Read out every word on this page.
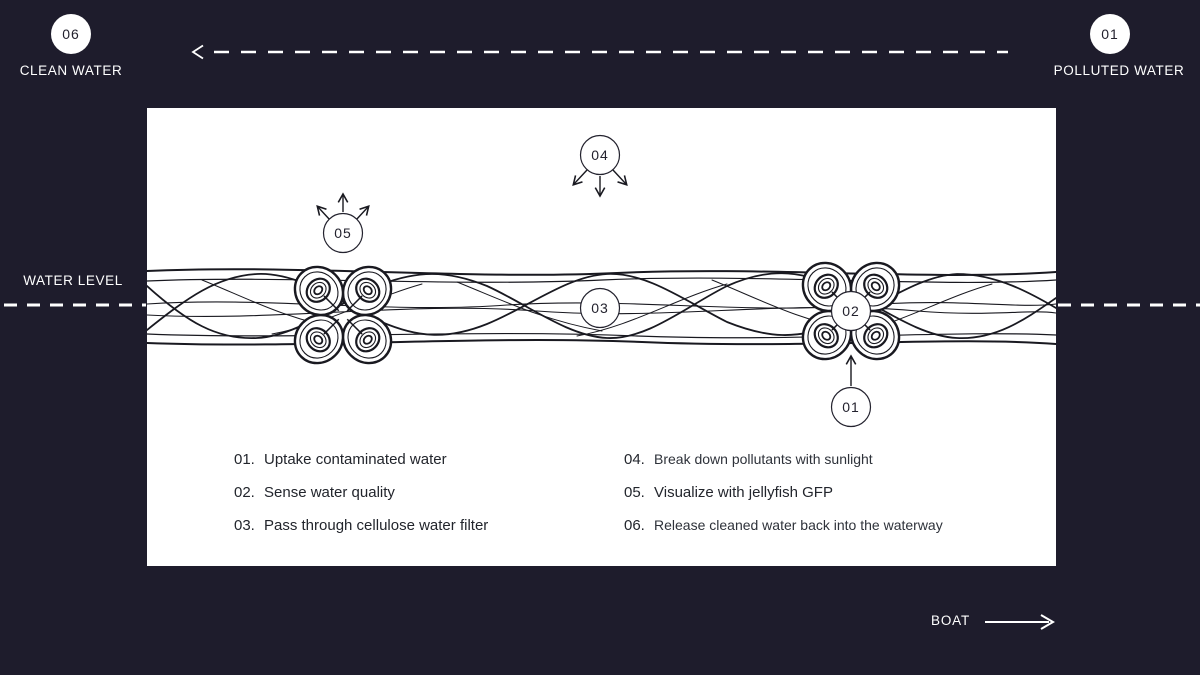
06
CLEAN WATER
01
POLLUTED WATER
WATER LEVEL
04
05
03	02
01
01. Uptake contaminated water
02. Sense water quality
03. Pass through cellulose water filter
04. Break down pollutants with sunlight
05. Visualize with jellyfish GFP
06. Release cleaned water back into the waterway
BOAT
